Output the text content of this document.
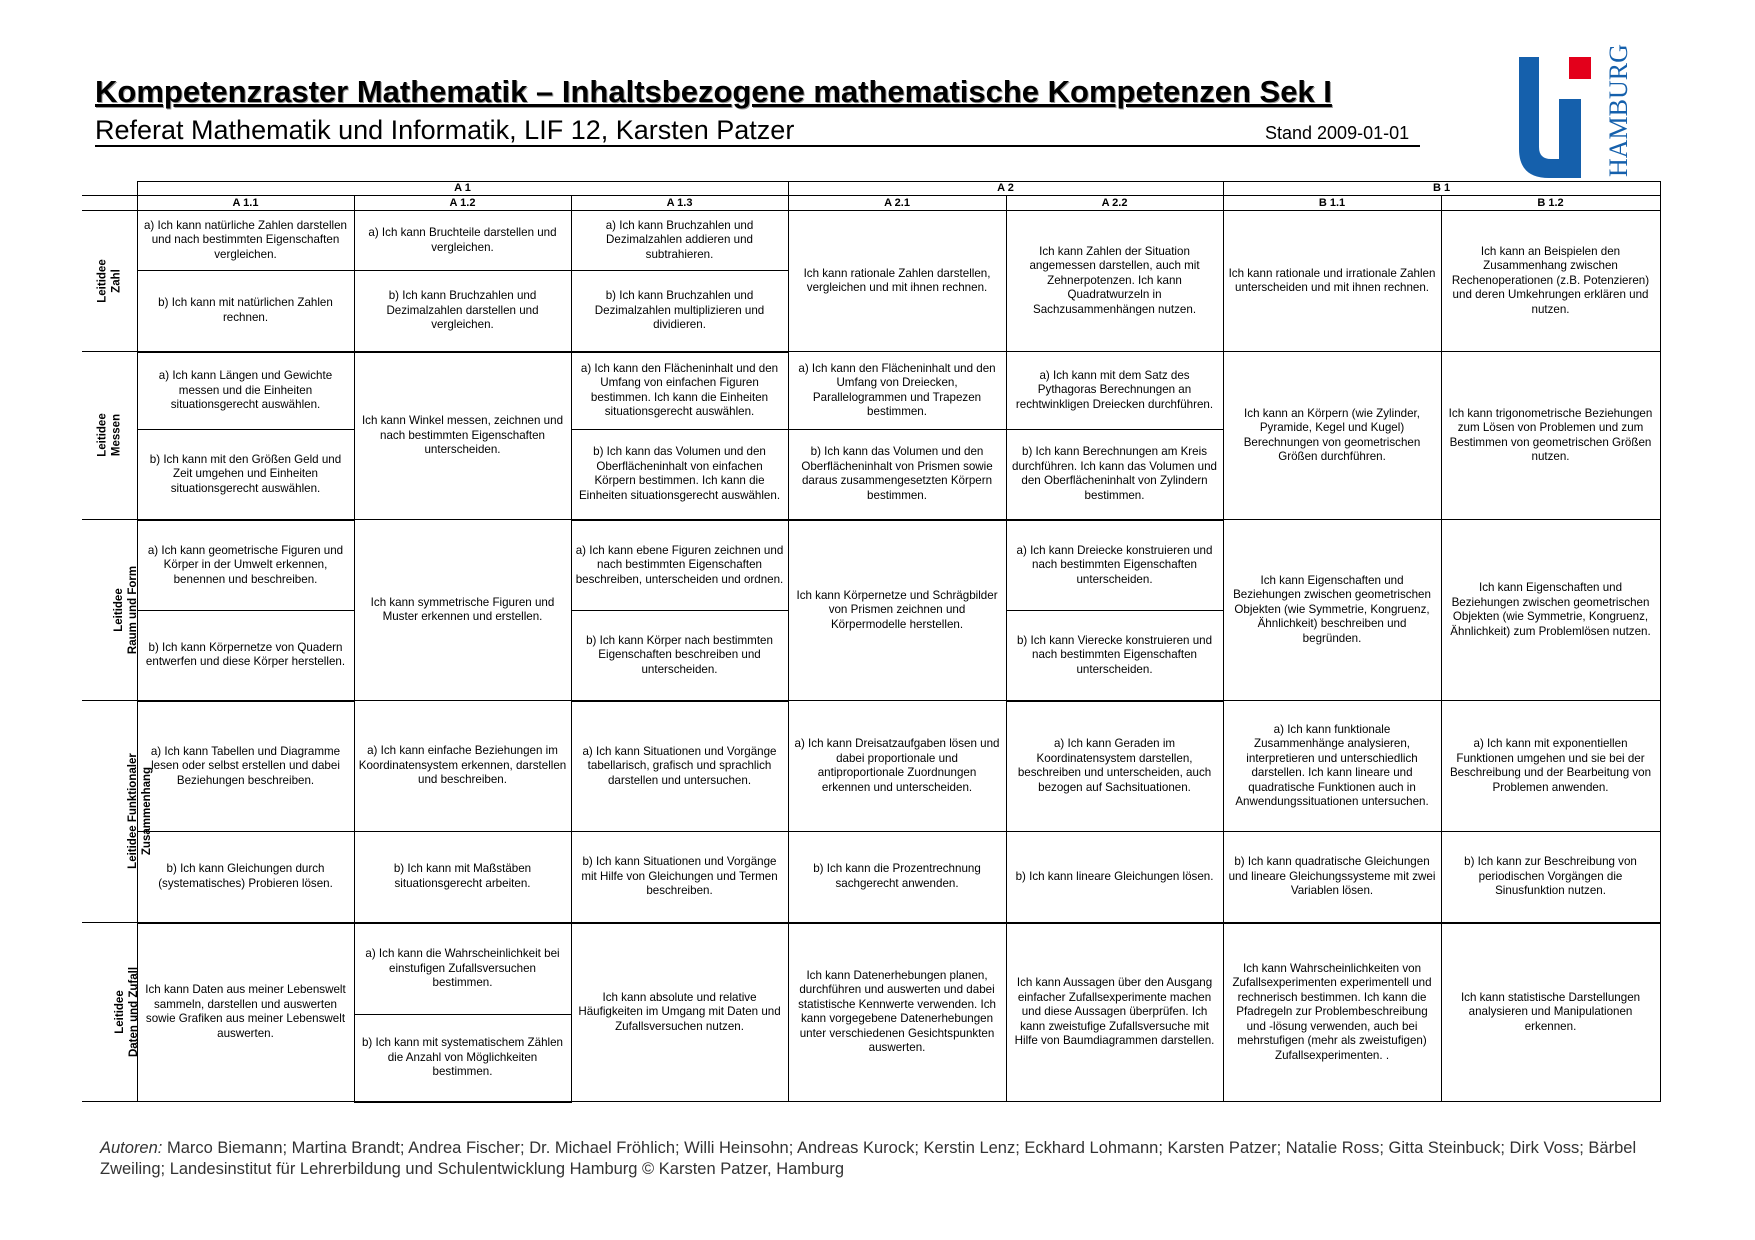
Kompetenzraster Mathematik – Inhaltsbezogene mathematische Kompetenzen Sek I
Referat Mathematik und Informatik, LIF 12, Karsten Patzer	Stand 2009-01-01	HAMBURG
	A 1			A 2		B 1	
	A 1.1	A 1.2	A 1.3	A 2.1	A 2.2	B 1.1	B 1.2
Leitidee Zahl	a) Ich kann natürliche Zahlen darstellen und nach bestimmten Eigenschaften vergleichen.	a) Ich kann Bruchteile darstellen und vergleichen.	a) Ich kann Bruchzahlen und Dezimalzahlen addieren und subtrahieren.	Ich kann rationale Zahlen darstellen, vergleichen und mit ihnen rechnen.	Ich kann Zahlen der Situation angemessen darstellen, auch mit Zehnerpotenzen. Ich kann Quadratwurzeln in Sachzusammenhängen nutzen.	Ich kann rationale und irrationale Zahlen unterscheiden und mit ihnen rechnen.	Ich kann an Beispielen den Zusammenhang zwischen Rechenoperationen (z.B. Potenzieren) und deren Umkehrungen erklären und nutzen.
	b) Ich kann mit natürlichen Zahlen rechnen.	b) Ich kann Bruchzahlen und Dezimalzahlen darstellen und vergleichen.	b) Ich kann Bruchzahlen und Dezimalzahlen multiplizieren und dividieren.				
Leitidee Messen	a) Ich kann Längen und Gewichte messen und die Einheiten situationsgerecht auswählen.	Ich kann Winkel messen, zeichnen und nach bestimmten Eigenschaften unterscheiden.	a) Ich kann den Flächeninhalt und den Umfang von einfachen Figuren bestimmen. Ich kann die Einheiten situationsgerecht auswählen.	a) Ich kann den Flächeninhalt und den Umfang von Dreiecken, Parallelogrammen und Trapezen bestimmen.	a) Ich kann mit dem Satz des Pythagoras Berechnungen an rechtwinkligen Dreiecken durchführen.	Ich kann an Körpern (wie Zylinder, Pyramide, Kegel und Kugel) Berechnungen von geometrischen Größen durchführen.	Ich kann trigonometrische Beziehungen zum Lösen von Problemen und zum Bestimmen von geometrischen Größen nutzen.
	b) Ich kann mit den Größen Geld und Zeit umgehen und Einheiten situationsgerecht auswählen.		b) Ich kann das Volumen und den Oberflächeninhalt von einfachen Körpern bestimmen. Ich kann die Einheiten situationsgerecht auswählen.	b) Ich kann das Volumen und den Oberflächeninhalt von Prismen sowie daraus zusammengesetzten Körpern bestimmen.	b) Ich kann Berechnungen am Kreis durchführen. Ich kann das Volumen und den Oberflächeninhalt von Zylindern bestimmen.		
Leitidee Raum und Form	a) Ich kann geometrische Figuren und Körper in der Umwelt erkennen, benennen und beschreiben.	Ich kann symmetrische Figuren und Muster erkennen und erstellen.	a) Ich kann ebene Figuren zeichnen und nach bestimmten Eigenschaften beschreiben, unterscheiden und ordnen.	Ich kann Körpernetze und Schrägbilder von Prismen zeichnen und Körpermodelle herstellen.	a) Ich kann Dreiecke konstruieren und nach bestimmten Eigenschaften unterscheiden.	Ich kann Eigenschaften und Beziehungen zwischen geometrischen Objekten (wie Symmetrie, Kongruenz, Ähnlichkeit) beschreiben und begründen.	Ich kann Eigenschaften und Beziehungen zwischen geometrischen Objekten (wie Symmetrie, Kongruenz, Ähnlichkeit) zum Problemlösen nutzen.
	b) Ich kann Körpernetze von Quadern entwerfen und diese Körper herstellen.		b) Ich kann Körper nach bestimmten Eigenschaften beschreiben und unterscheiden.		b) Ich kann Vierecke konstruieren und nach bestimmten Eigenschaften unterscheiden.		
Leitidee Funktionaler Zusammenhang	a) Ich kann Tabellen und Diagramme lesen oder selbst erstellen und dabei Beziehungen beschreiben.	a) Ich kann einfache Beziehungen im Koordinatensystem erkennen, darstellen und beschreiben.	a) Ich kann Situationen und Vorgänge tabellarisch, grafisch und sprachlich darstellen und untersuchen.	a) Ich kann Dreisatzaufgaben lösen und dabei proportionale und antiproportionale Zuordnungen erkennen und unterscheiden.	a) Ich kann Geraden im Koordinatensystem darstellen, beschreiben und unterscheiden, auch bezogen auf Sachsituationen.	a) Ich kann funktionale Zusammenhänge analysieren, interpretieren und unterschiedlich darstellen. Ich kann lineare und quadratische Funktionen auch in Anwendungssituationen untersuchen.	a) Ich kann mit exponentiellen Funktionen umgehen und sie bei der Beschreibung und der Bearbeitung von Problemen anwenden.
	b) Ich kann Gleichungen durch (systematisches) Probieren lösen.	b) Ich kann mit Maßstäben situationsgerecht arbeiten.	b) Ich kann Situationen und Vorgänge mit Hilfe von Gleichungen und Termen beschreiben.	b) Ich kann die Prozentrechnung sachgerecht anwenden.	b) Ich kann lineare Gleichungen lösen.	b) Ich kann quadratische Gleichungen und lineare Gleichungssysteme mit zwei Variablen lösen.	b) Ich kann zur Beschreibung von periodischen Vorgängen die Sinusfunktion nutzen.
Leitidee Daten und Zufall	Ich kann Daten aus meiner Lebenswelt sammeln, darstellen und auswerten sowie Grafiken aus meiner Lebenswelt auswerten.	a) Ich kann die Wahrscheinlichkeit bei einstufigen Zufallsversuchen bestimmen.	Ich kann absolute und relative Häufigkeiten im Umgang mit Daten und Zufallsversuchen nutzen.	Ich kann Datenerhebungen planen, durchführen und auswerten und dabei statistische Kennwerte verwenden. Ich kann vorgegebene Datenerhebungen unter verschiedenen Gesichtspunkten auswerten.	Ich kann Aussagen über den Ausgang einfacher Zufallsexperimente machen und diese Aussagen überprüfen. Ich kann zweistufige Zufallsversuche mit Hilfe von Baumdiagrammen darstellen.	Ich kann Wahrscheinlichkeiten von Zufallsexperimenten experimentell und rechnerisch bestimmen. Ich kann die Pfadregeln zur Problembeschreibung und -lösung verwenden, auch bei mehrstufigen (mehr als zweistufigen) Zufallsexperimenten. .	Ich kann statistische Darstellungen analysieren und Manipulationen erkennen.
		b) Ich kann mit systematischem Zählen die Anzahl von Möglichkeiten bestimmen.					
Autoren: Marco Biemann; Martina Brandt; Andrea Fischer; Dr. Michael Fröhlich; Willi Heinsohn; Andreas Kurock; Kerstin Lenz; Eckhard Lohmann; Karsten Patzer; Natalie Ross; Gitta Steinbuck; Dirk Voss; Bärbel Zweiling; Landesinstitut für Lehrerbildung und Schulentwicklung Hamburg © Karsten Patzer, Hamburg
